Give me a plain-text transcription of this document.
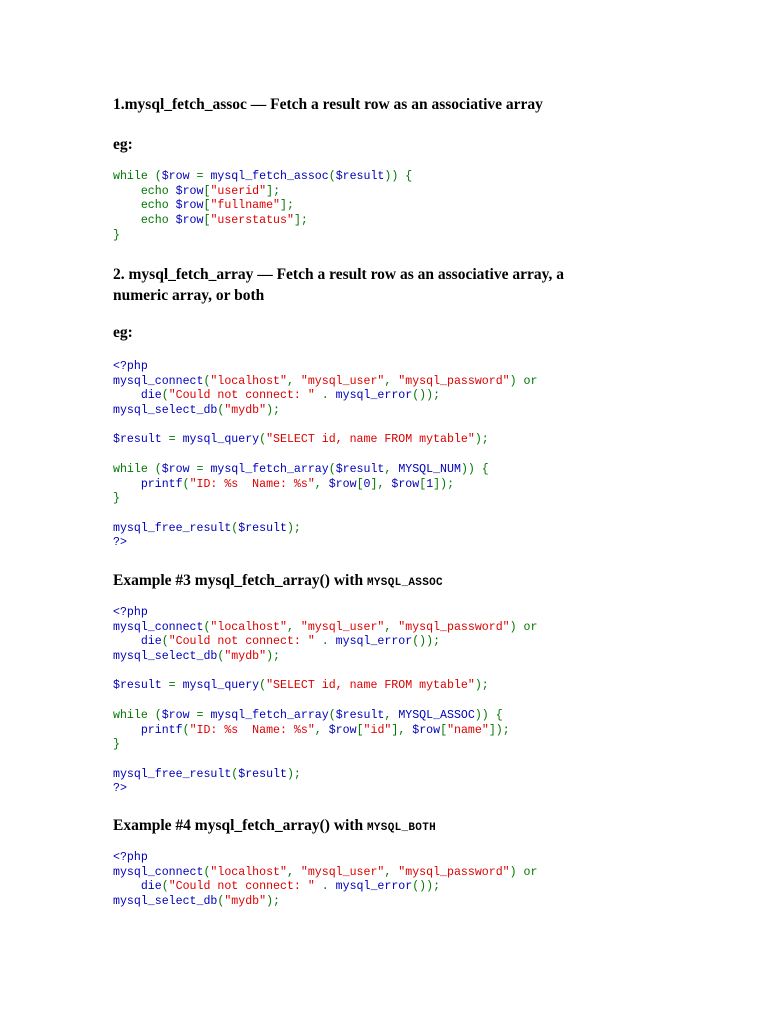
1.mysql_fetch_assoc — Fetch a result row as an associative array
eg:
while ($row = mysql_fetch_assoc($result)) {
echo $row["userid"];
echo $row["fullname"];
echo $row["userstatus"];
}
2. mysql_fetch_array — Fetch a result row as an associative array, a
numeric array, or both
eg:
<?php
mysql_connect("localhost", "mysql_user", "mysql_password") or
die("Could not connect: " . mysql_error());
mysql_select_db("mydb");
$result = mysql_query("SELECT id, name FROM mytable");
while ($row = mysql_fetch_array($result, MYSQL_NUM)) {
printf("ID: %s  Name: %s", $row[0], $row[1]);
}
mysql_free_result($result);
?>
Example #3 mysql_fetch_array() with MYSQL_ASSOC
<?php
mysql_connect("localhost", "mysql_user", "mysql_password") or
die("Could not connect: " . mysql_error());
mysql_select_db("mydb");
$result = mysql_query("SELECT id, name FROM mytable");
while ($row = mysql_fetch_array($result, MYSQL_ASSOC)) {
printf("ID: %s  Name: %s", $row["id"], $row["name"]);
}
mysql_free_result($result);
?>
Example #4 mysql_fetch_array() with MYSQL_BOTH
<?php
mysql_connect("localhost", "mysql_user", "mysql_password") or
die("Could not connect: " . mysql_error());
mysql_select_db("mydb");
